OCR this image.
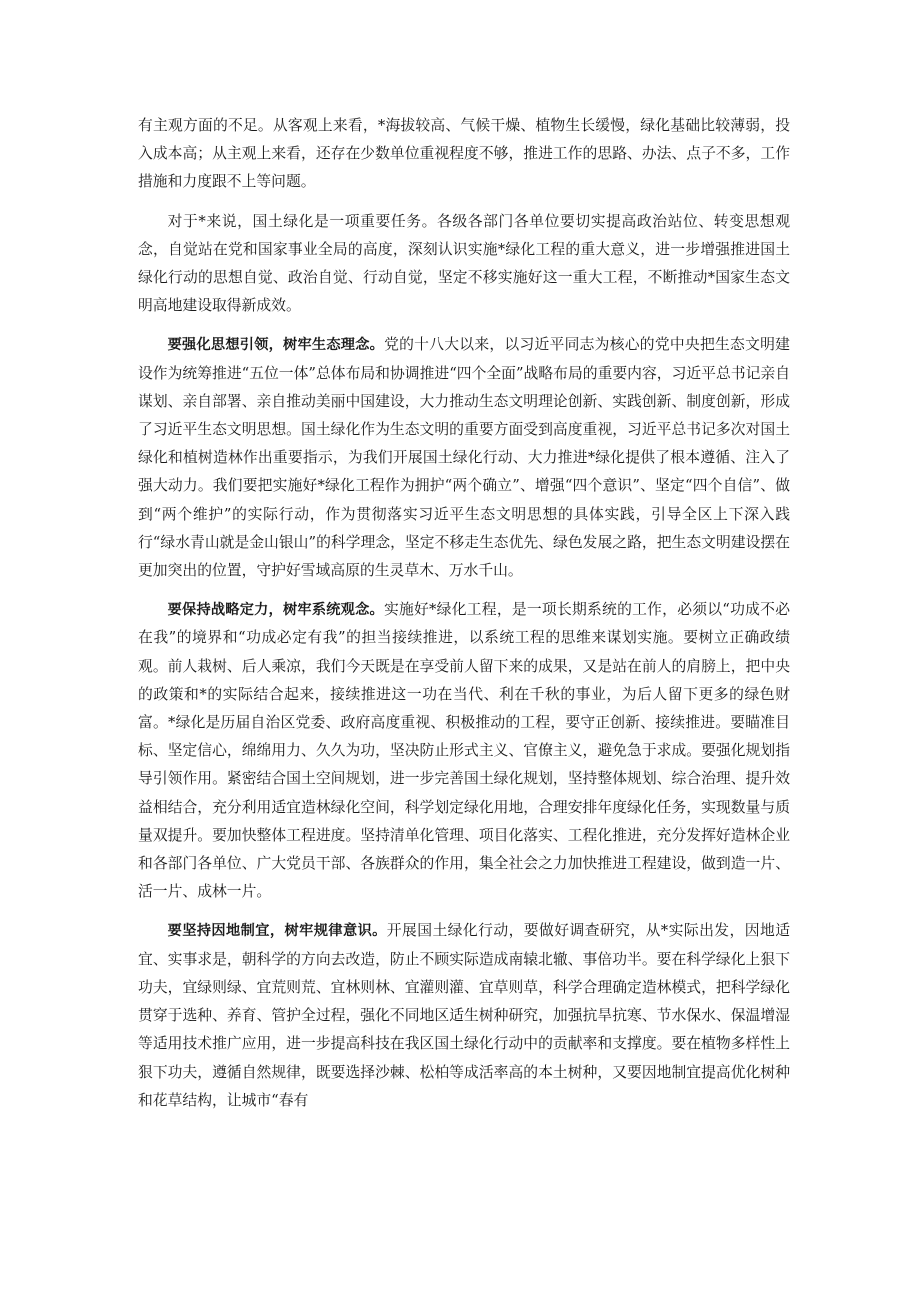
有主观方面的不足。从客观上来看，*海拔较高、气候干燥、植物生长缓慢，绿化基础比较薄弱，投入成本高；从主观上来看，还存在少数单位重视程度不够，推进工作的思路、办法、点子不多，工作措施和力度跟不上等问题。

对于*来说，国土绿化是一项重要任务。各级各部门各单位要切实提高政治站位、转变思想观念，自觉站在党和国家事业全局的高度，深刻认识实施*绿化工程的重大意义，进一步增强推进国土绿化行动的思想自觉、政治自觉、行动自觉，坚定不移实施好这一重大工程，不断推动*国家生态文明高地建设取得新成效。

要强化思想引领，树牢生态理念。党的十八大以来，以习近平同志为核心的党中央把生态文明建设作为统筹推进“五位一体”总体布局和协调推进“四个全面”战略布局的重要内容，习近平总书记亲自谋划、亲自部署、亲自推动美丽中国建设，大力推动生态文明理论创新、实践创新、制度创新，形成了习近平生态文明思想。国土绿化作为生态文明的重要方面受到高度重视，习近平总书记多次对国土绿化和植树造林作出重要指示，为我们开展国土绿化行动、大力推进*绿化提供了根本遵循、注入了强大动力。我们要把实施好*绿化工程作为拥护“两个确立”、增强“四个意识”、坚定“四个自信”、做到“两个维护”的实际行动，作为贯彻落实习近平生态文明思想的具体实践，引导全区上下深入践行“绿水青山就是金山银山”的科学理念，坚定不移走生态优先、绿色发展之路，把生态文明建设摆在更加突出的位置，守护好雪域高原的生灵草木、万水千山。

要保持战略定力，树牢系统观念。实施好*绿化工程，是一项长期系统的工作，必须以“功成不必在我”的境界和“功成必定有我”的担当接续推进，以系统工程的思维来谋划实施。要树立正确政绩观。前人栽树、后人乘凉，我们今天既是在享受前人留下来的成果，又是站在前人的肩膀上，把中央的政策和*的实际结合起来，接续推进这一功在当代、利在千秋的事业，为后人留下更多的绿色财富。*绿化是历届自治区党委、政府高度重视、积极推动的工程，要守正创新、接续推进。要瞄准目标、坚定信心，绵绵用力、久久为功，坚决防止形式主义、官僚主义，避免急于求成。要强化规划指导引领作用。紧密结合国土空间规划，进一步完善国土绿化规划，坚持整体规划、综合治理、提升效益相结合，充分利用适宜造林绿化空间，科学划定绿化用地，合理安排年度绿化任务，实现数量与质量双提升。要加快整体工程进度。坚持清单化管理、项目化落实、工程化推进，充分发挥好造林企业和各部门各单位、广大党员干部、各族群众的作用，集全社会之力加快推进工程建设，做到造一片、活一片、成林一片。

要坚持因地制宜，树牢规律意识。开展国土绿化行动，要做好调查研究，从*实际出发，因地适宜、实事求是，朝科学的方向去改造，防止不顾实际造成南辕北辙、事倍功半。要在科学绿化上狠下功夫，宜绿则绿、宜荒则荒、宜林则林、宜灌则灌、宜草则草，科学合理确定造林模式，把科学绿化贯穿于选种、养育、管护全过程，强化不同地区适生树种研究，加强抗旱抗寒、节水保水、保温增湿等适用技术推广应用，进一步提高科技在我区国土绿化行动中的贡献率和支撑度。要在植物多样性上狠下功夫，遵循自然规律，既要选择沙棘、松柏等成活率高的本土树种，又要因地制宜提高优化树种和花草结构，让城市“春有
